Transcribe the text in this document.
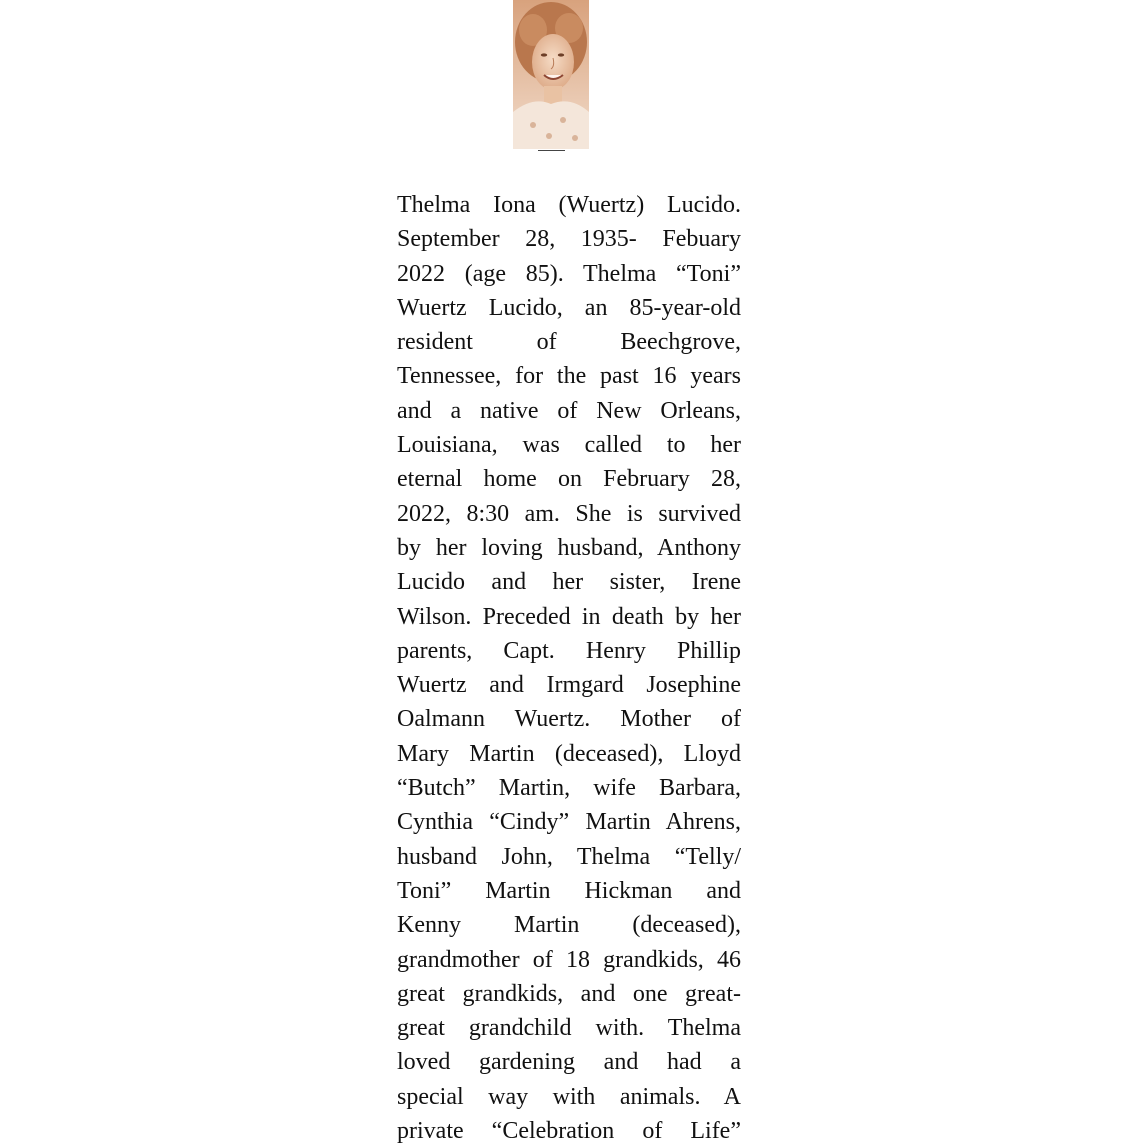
Thelma Iona (Wuertz) Lucido.
September 28, 1935- Febuary
2022 (age 85). Thelma “Toni”
Wuertz Lucido, an 85-year-old
resident of Beechgrove,
Tennessee, for the past 16 years
and a native of New Orleans,
Louisiana, was called to her
eternal home on February 28,
2022, 8:30 am. She is survived
by her loving husband, Anthony
Lucido and her sister, Irene
Wilson. Preceded in death by her
parents, Capt. Henry Phillip
Wuertz and Irmgard Josephine
Oalmann Wuertz. Mother of
Mary Martin (deceased), Lloyd
“Butch” Martin, wife Barbara,
Cynthia “Cindy” Martin Ahrens,
husband John, Thelma “Telly/
Toni” Martin Hickman and
Kenny Martin (deceased),
grandmother of 18 grandkids, 46
great grandkids, and one great-
great grandchild with. Thelma
loved gardening and had a
special way with animals. A
private “Celebration of Life”
